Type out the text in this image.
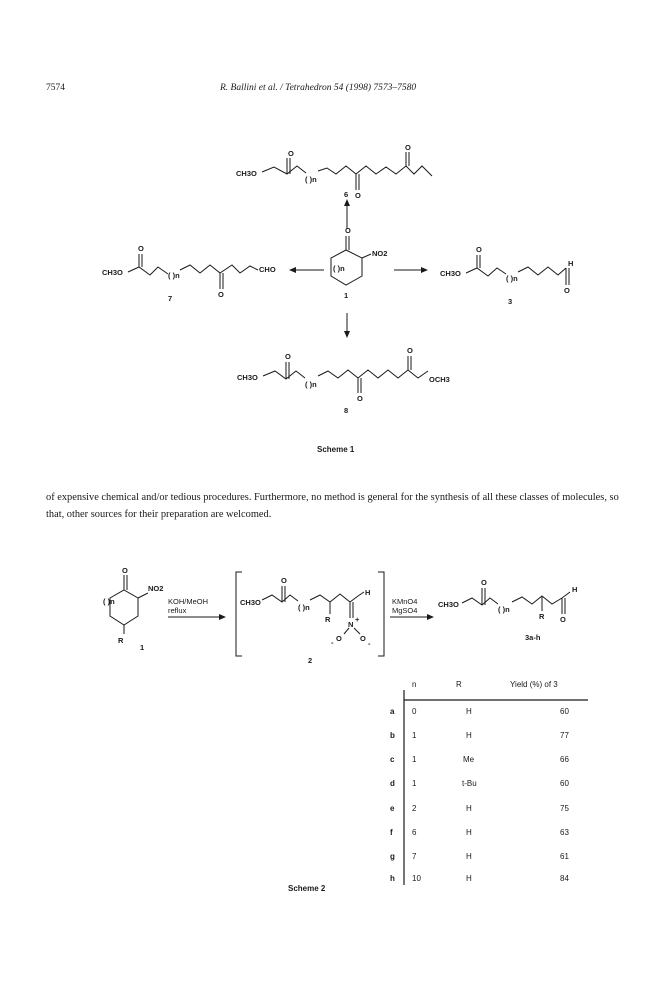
7574	R. Ballini et al. / Tetrahedron 54 (1998) 7573–7580
CH3O
( )n
O
O
O
6
O
NO2
( )n
1
CH3O
O
( )n
O
CHO
7
CH3O
O
( )n
H
O
3
CH3O
O
( )n
O
O
OCH3
8
Scheme 1
O
NO2
( )n
R
1
KOH/MeOH
reflux
CH3O
O
( )n
R
H
N
+
O O
-	-
2
KMnO4
MgSO4
CH3O
O
( )n
R
H
O
3a-h
n	R	Yield (%) of 3
a 0	H	60
b 1	H	77
c 1	Me	66
d 1	t-Bu	60
e 2	H	75
f 6	H	63
g 7	H	61
h 10	H	84
Scheme 2
of expensive chemical and/or tedious procedures. Furthermore, no method is general for the synthesis of all these classes of molecules, so that, other sources for their preparation are welcomed.
